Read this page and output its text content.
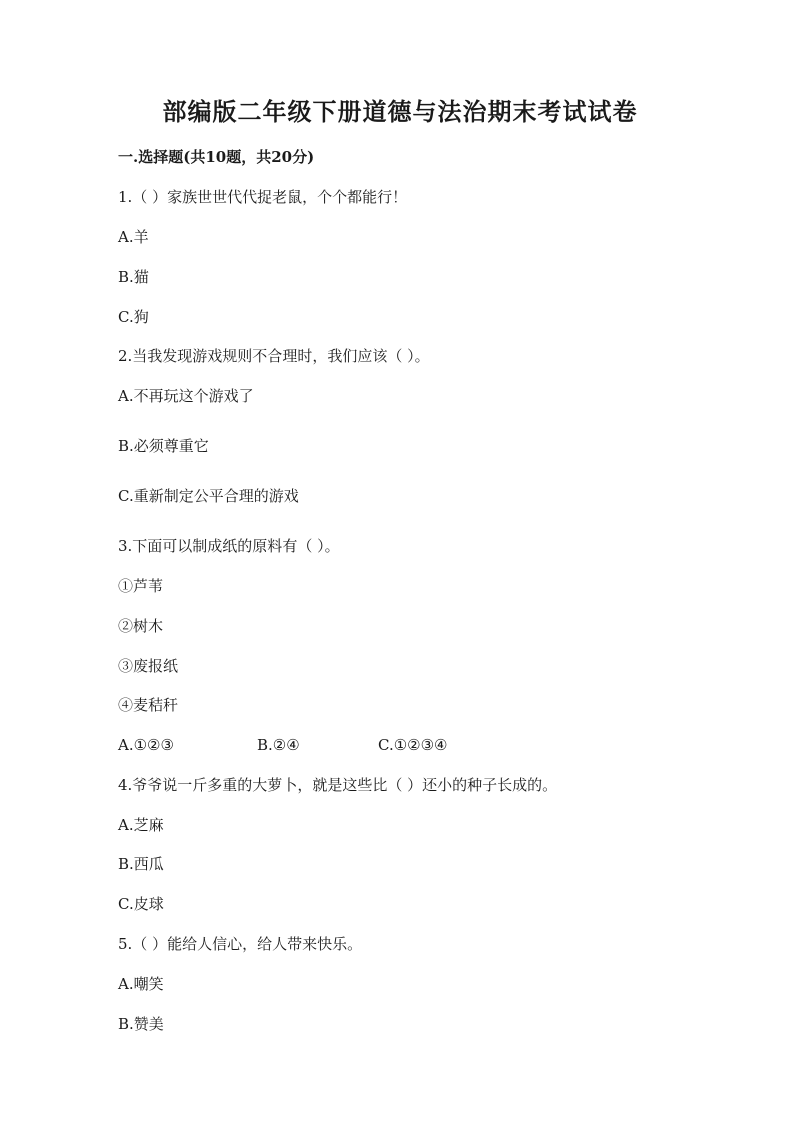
部编版二年级下册道德与法治期末考试试卷
一.选择题(共10题，共20分)
1.（ ）家族世世代代捉老鼠，个个都能行！
A.羊
B.猫
C.狗
2.当我发现游戏规则不合理时，我们应该（ ）。
A.不再玩这个游戏了
B.必须尊重它
C.重新制定公平合理的游戏
3.下面可以制成纸的原料有（ ）。
①芦苇
②树木
③废报纸
④麦秸秆
A.①②③	B.②④	C.①②③④
4.爷爷说一斤多重的大萝卜，就是这些比（ ）还小的种子长成的。
A.芝麻
B.西瓜
C.皮球
5.（ ）能给人信心，给人带来快乐。
A.嘲笑
B.赞美
